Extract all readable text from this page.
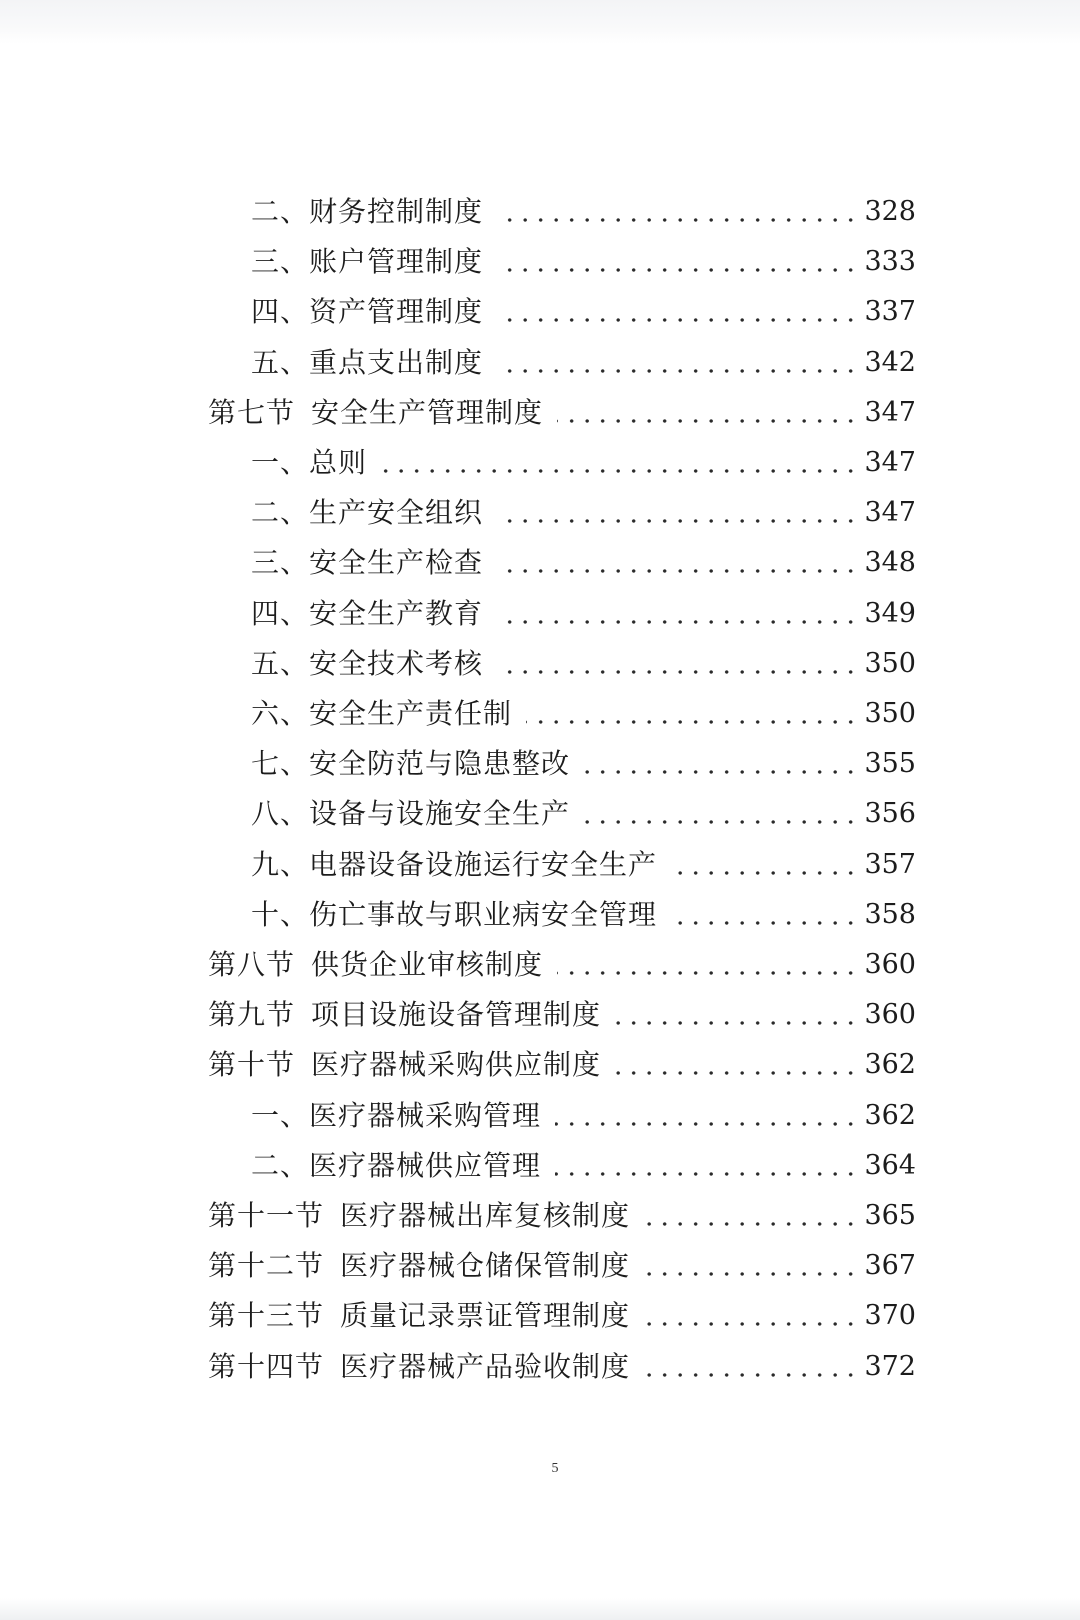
二、财务控制制度	328
三、账户管理制度	333
四、资产管理制度	337
五、重点支出制度	342
第七节 安全生产管理制度	347
一、总则	347
二、生产安全组织	347
三、安全生产检查	348
四、安全生产教育	349
五、安全技术考核	350
六、安全生产责任制	350
七、安全防范与隐患整改	355
八、设备与设施安全生产	356
九、电器设备设施运行安全生产	357
十、伤亡事故与职业病安全管理	358
第八节 供货企业审核制度	360
第九节 项目设施设备管理制度	360
第十节 医疗器械采购供应制度	362
一、医疗器械采购管理	362
二、医疗器械供应管理	364
第十一节 医疗器械出库复核制度	365
第十二节 医疗器械仓储保管制度	367
第十三节 质量记录票证管理制度	370
第十四节 医疗器械产品验收制度	372
5
